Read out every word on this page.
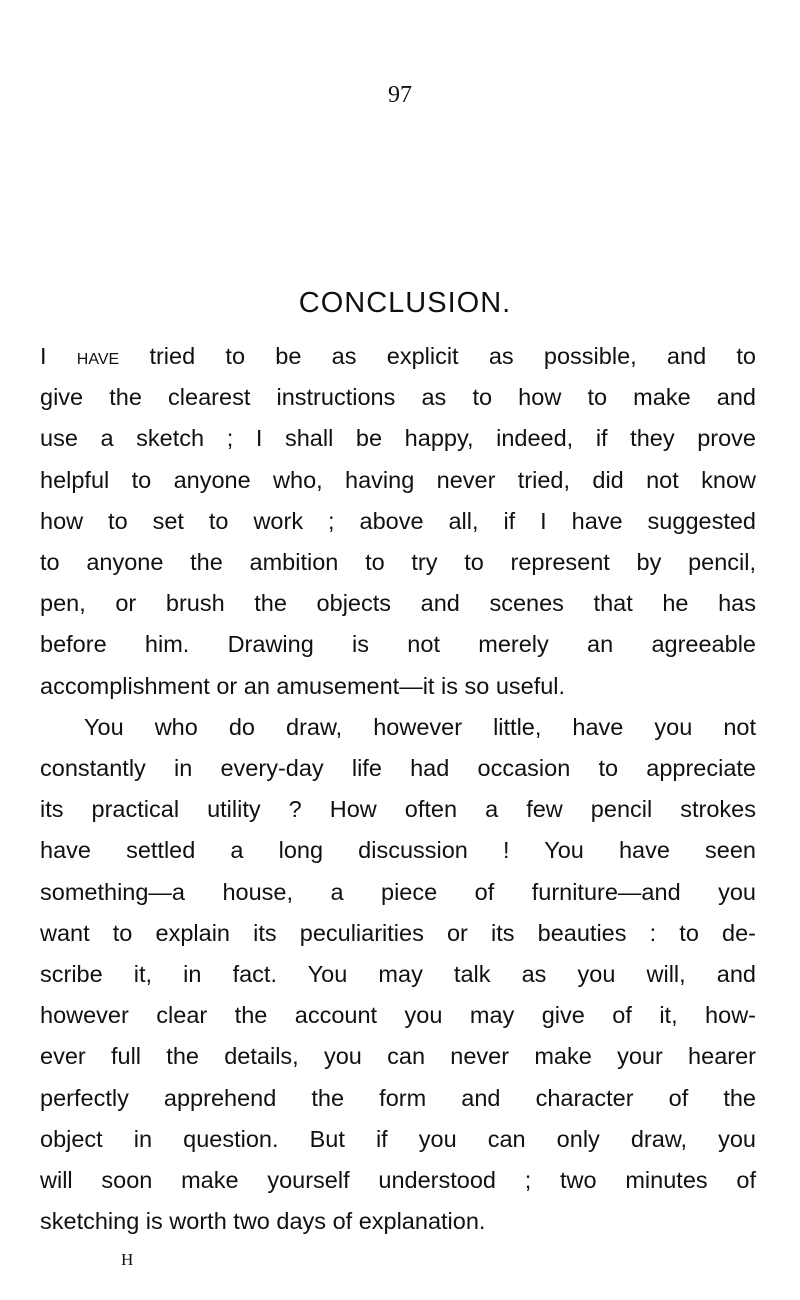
97
CONCLUSION.

I have tried to be as explicit as possible, and to
give the clearest instructions as to how to make and
use a sketch ; I shall be happy, indeed, if they prove
helpful to anyone who, having never tried, did not know
how to set to work ; above all, if I have suggested
to anyone the ambition to try to represent by pencil,
pen, or brush the objects and scenes that he has
before him. Drawing is not merely an agreeable
accomplishment or an amusement—it is so useful.

You who do draw, however little, have you not
constantly in every-day life had occasion to appreciate
its practical utility ? How often a few pencil strokes
have settled a long discussion ! You have seen
something—a house, a piece of furniture—and you
want to explain its peculiarities or its beauties : to de-
scribe it, in fact. You may talk as you will, and
however clear the account you may give of it, how-
ever full the details, you can never make your hearer
perfectly apprehend the form and character of the
object in question. But if you can only draw, you
will soon make yourself understood ; two minutes of
sketching is worth two days of explanation.

H
